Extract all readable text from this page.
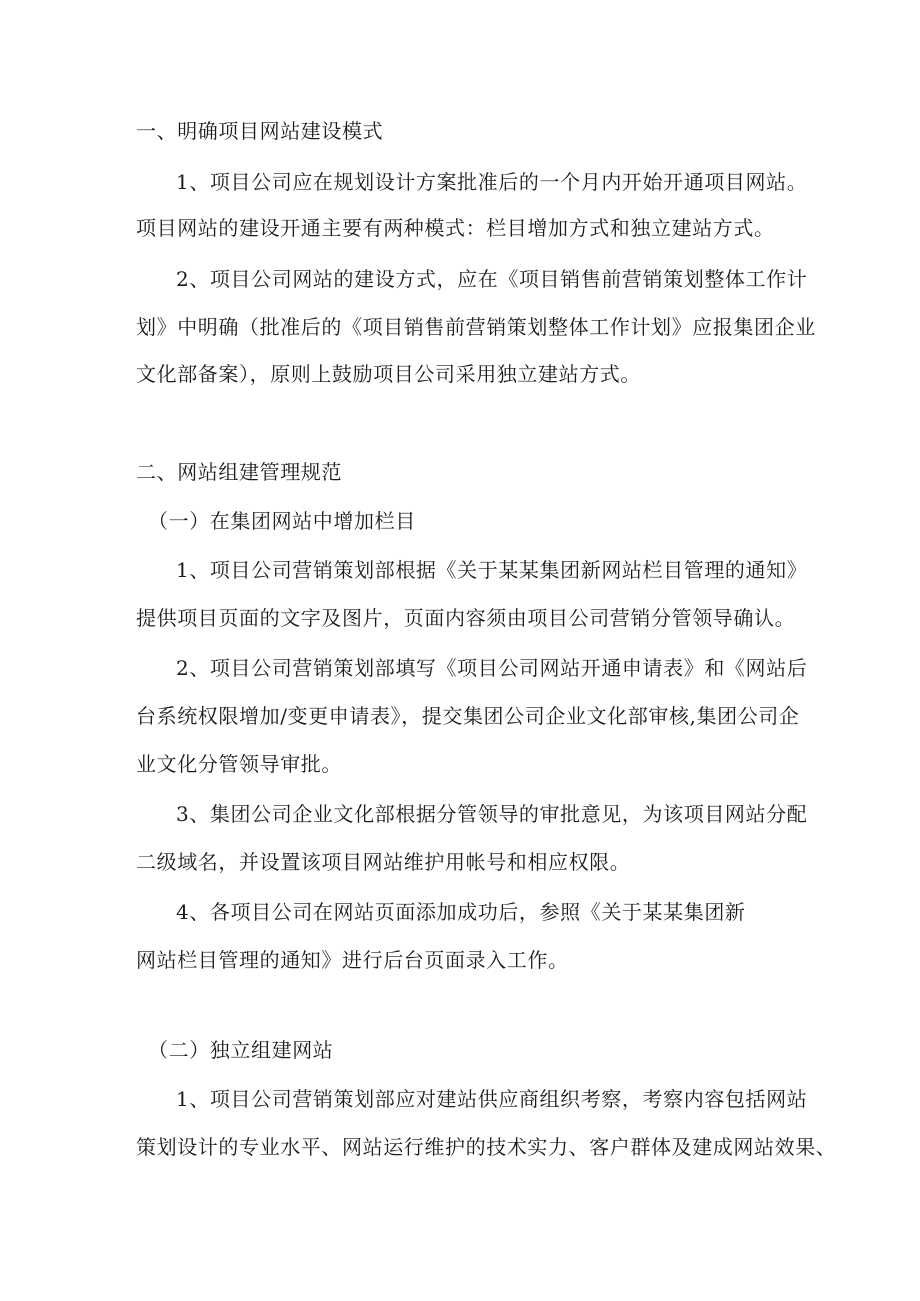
一、明确项目网站建设模式
1、项目公司应在规划设计方案批准后的一个月内开始开通项目网站。
项目网站的建设开通主要有两种模式：栏目增加方式和独立建站方式。
2、项目公司网站的建设方式，应在《项目销售前营销策划整体工作计
划》中明确（批准后的《项目销售前营销策划整体工作计划》应报集团企业
文化部备案），原则上鼓励项目公司采用独立建站方式。
二、网站组建管理规范
（一）在集团网站中增加栏目
1、项目公司营销策划部根据《关于某某集团新网站栏目管理的通知》
提供项目页面的文字及图片，页面内容须由项目公司营销分管领导确认。
2、项目公司营销策划部填写《项目公司网站开通申请表》和《网站后
台系统权限增加/变更申请表》，提交集团公司企业文化部审核,集团公司企
业文化分管领导审批。
3、集团公司企业文化部根据分管领导的审批意见，为该项目网站分配
二级域名，并设置该项目网站维护用帐号和相应权限。
4、各项目公司在网站页面添加成功后，参照《关于某某集团新
网站栏目管理的通知》进行后台页面录入工作。
（二）独立组建网站
1、项目公司营销策划部应对建站供应商组织考察，考察内容包括网站
策划设计的专业水平、网站运行维护的技术实力、客户群体及建成网站效果、
